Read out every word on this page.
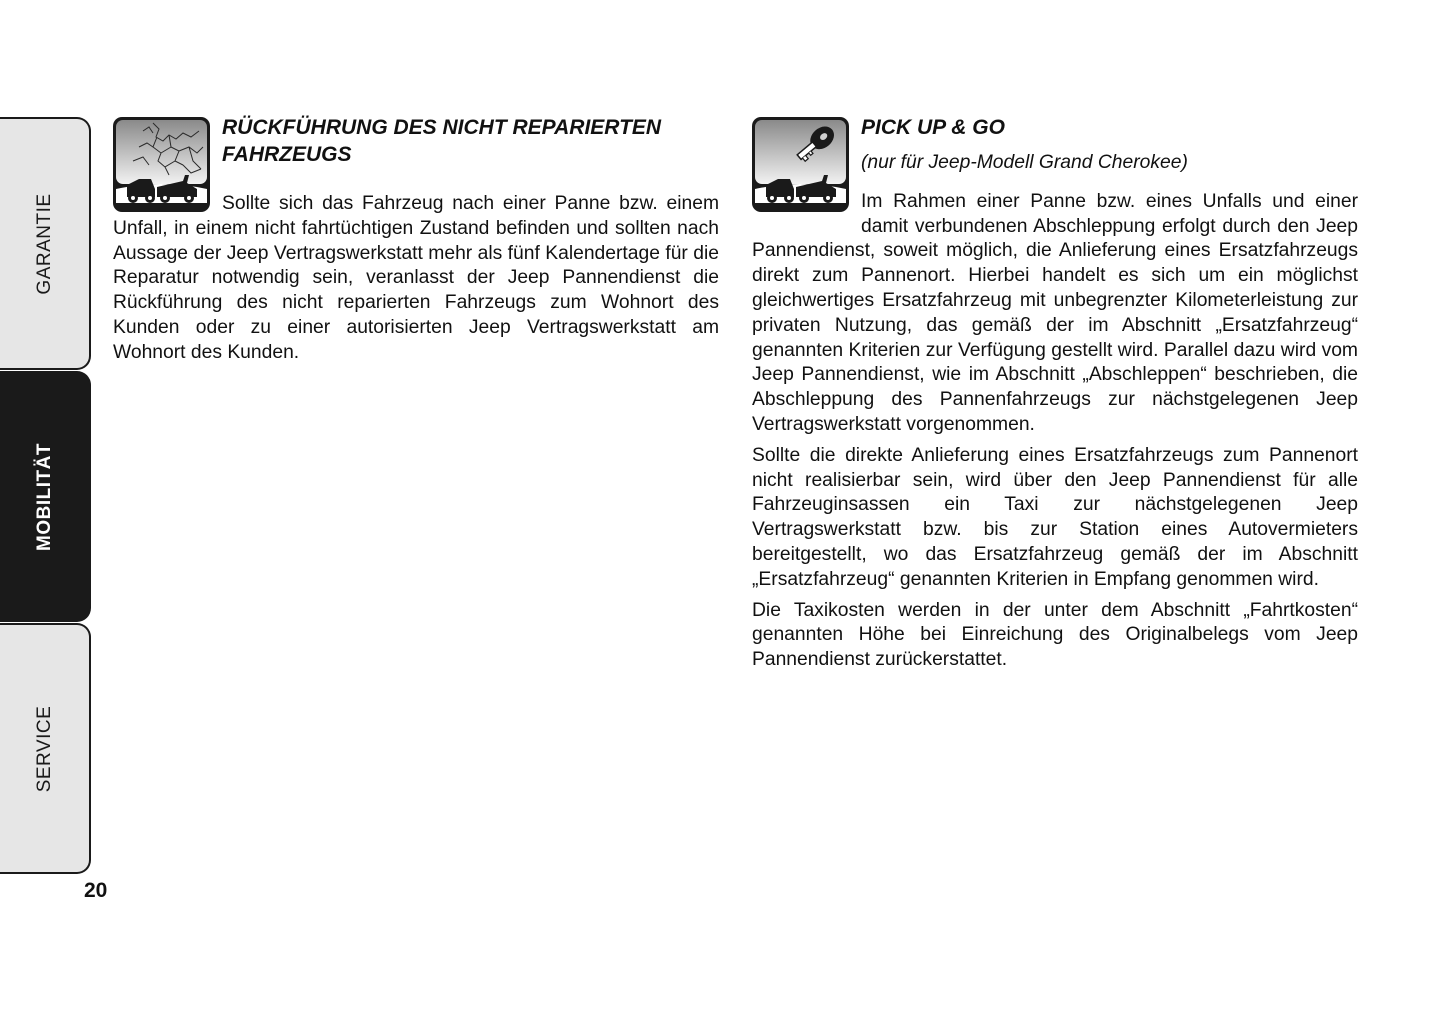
GARANTIE
MOBILITÄT
SERVICE
20
RÜCKFÜHRUNG DES NICHT REPARIERTEN FAHRZEUGS

Sollte sich das Fahrzeug nach einer Panne bzw. einem Unfall, in einem nicht fahrtüchtigen Zustand befinden und sollten nach Aussage der Jeep Vertragswerkstatt mehr als fünf Kalendertage für die Reparatur notwendig sein, veranlasst der Jeep Pannendienst die Rückführung des nicht reparierten Fahrzeugs zum Wohnort des Kunden oder zu einer autorisierten Jeep Vertragswerkstatt am Wohnort des Kunden.

PICK UP & GO

(nur für Jeep-Modell Grand Cherokee)

Im Rahmen einer Panne bzw. eines Unfalls und einer damit verbundenen Abschleppung erfolgt durch den Jeep Pannendienst, soweit möglich, die Anlieferung eines Ersatzfahrzeugs direkt zum Pannenort. Hierbei handelt es sich um ein möglichst gleichwertiges Ersatzfahrzeug mit unbegrenzter Kilometerleistung zur privaten Nutzung, das gemäß der im Abschnitt „Ersatzfahrzeug“ genannten Kriterien zur Verfügung gestellt wird. Parallel dazu wird vom Jeep Pannendienst, wie im Abschnitt „Abschleppen“ beschrieben, die Abschleppung des Pannenfahrzeugs zur nächstgelegenen Jeep Vertragswerkstatt vorgenommen.

Sollte die direkte Anlieferung eines Ersatzfahrzeugs zum Pannenort nicht realisierbar sein, wird über den Jeep Pannendienst für alle Fahrzeuginsassen ein Taxi zur nächstgelegenen Jeep Vertragswerkstatt bzw. bis zur Station eines Autovermieters bereitgestellt, wo das Ersatzfahrzeug gemäß der im Abschnitt „Ersatzfahrzeug“ genannten Kriterien in Empfang genommen wird.

Die Taxikosten werden in der unter dem Abschnitt „Fahrtkosten“ genannten Höhe bei Einreichung des Originalbelegs vom Jeep Pannendienst zurückerstattet.
